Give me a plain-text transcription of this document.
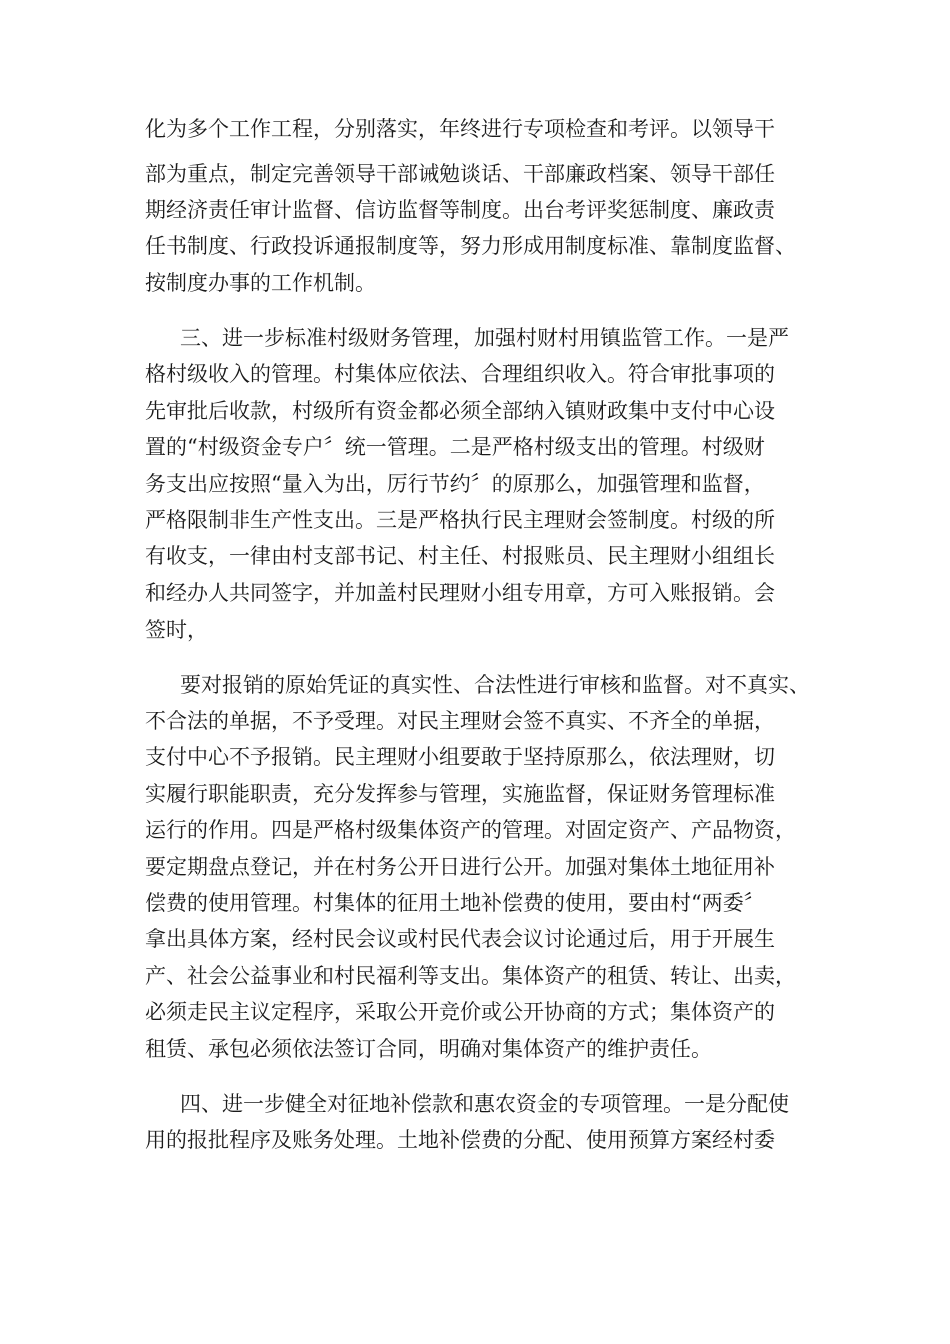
化为多个工作工程，分别落实，年终进行专项检查和考评。以领导干
部为重点，制定完善领导干部诫勉谈话、干部廉政档案、领导干部任
期经济责任审计监督、信访监督等制度。出台考评奖惩制度、廉政责
任书制度、行政投诉通报制度等，努力形成用制度标准、靠制度监督、
按制度办事的工作机制。
三、进一步标准村级财务管理，加强村财村用镇监管工作。一是严
格村级收入的管理。村集体应依法、合理组织收入。符合审批事项的
先审批后收款，村级所有资金都必须全部纳入镇财政集中支付中心设
置的“村级资金专户〞统一管理。二是严格村级支出的管理。村级财
务支出应按照“量入为出，厉行节约〞的原那么，加强管理和监督，
严格限制非生产性支出。三是严格执行民主理财会签制度。村级的所
有收支，一律由村支部书记、村主任、村报账员、民主理财小组组长
和经办人共同签字，并加盖村民理财小组专用章，方可入账报销。会
签时，
要对报销的原始凭证的真实性、合法性进行审核和监督。对不真实、
不合法的单据，不予受理。对民主理财会签不真实、不齐全的单据，
支付中心不予报销。民主理财小组要敢于坚持原那么，依法理财，切
实履行职能职责，充分发挥参与管理，实施监督，保证财务管理标准
运行的作用。四是严格村级集体资产的管理。对固定资产、产品物资，
要定期盘点登记，并在村务公开日进行公开。加强对集体土地征用补
偿费的使用管理。村集体的征用土地补偿费的使用，要由村“两委〞
拿出具体方案，经村民会议或村民代表会议讨论通过后，用于开展生
产、社会公益事业和村民福利等支出。集体资产的租赁、转让、出卖，
必须走民主议定程序，采取公开竞价或公开协商的方式；集体资产的
租赁、承包必须依法签订合同，明确对集体资产的维护责任。
四、进一步健全对征地补偿款和惠农资金的专项管理。一是分配使
用的报批程序及账务处理。土地补偿费的分配、使用预算方案经村委
